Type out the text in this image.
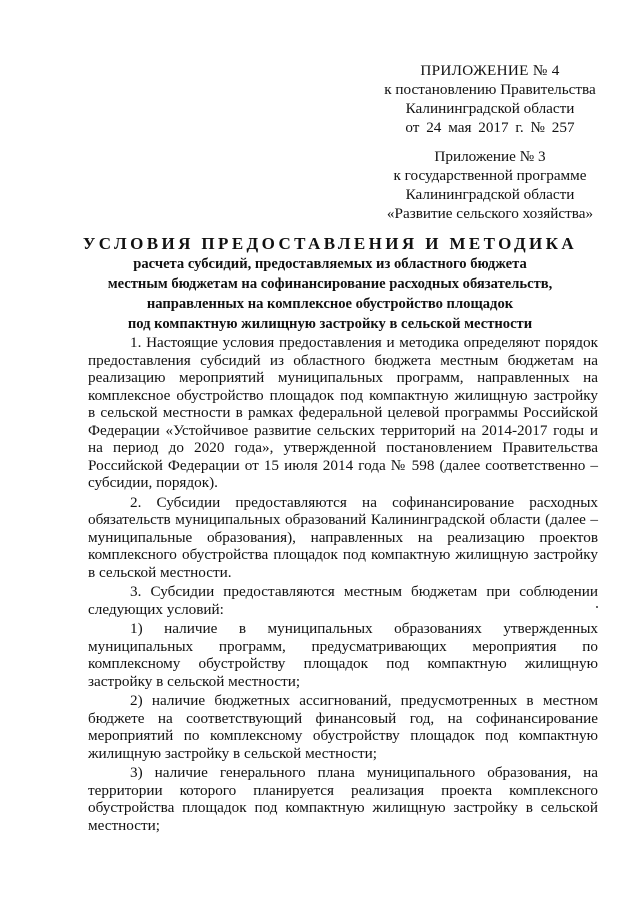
ПРИЛОЖЕНИЕ № 4
к постановлению Правительства
Калининградской области
от 24 мая 2017 г. № 257
Приложение № 3
к государственной программе
Калининградской области
«Развитие сельского хозяйства»
УСЛОВИЯ ПРЕДОСТАВЛЕНИЯ И МЕТОДИКА
расчета субсидий, предоставляемых из областного бюджета
местным бюджетам на софинансирование расходных обязательств,
направленных на комплексное обустройство площадок
под компактную жилищную застройку в сельской местности
1. Настоящие условия предоставления и методика определяют порядок
предоставления субсидий из областного бюджета местным бюджетам на
реализацию мероприятий муниципальных программ, направленных на
комплексное обустройство площадок под компактную жилищную застройку
в сельской местности в рамках федеральной целевой программы Российской
Федерации «Устойчивое развитие сельских территорий на 2014-2017 годы и
на период до 2020 года», утвержденной постановлением Правительства
Российской Федерации от 15 июля 2014 года № 598 (далее соответственно –
субсидии, порядок).
2. Субсидии предоставляются на софинансирование расходных
обязательств муниципальных образований Калининградской области (далее –
муниципальные образования), направленных на реализацию проектов
комплексного обустройства площадок под компактную жилищную застройку
в сельской местности.
3. Субсидии предоставляются местным бюджетам при соблюдении
следующих условий:
1) наличие в муниципальных образованиях утвержденных
муниципальных программ, предусматривающих мероприятия по
комплексному обустройству площадок под компактную жилищную
застройку в сельской местности;
2) наличие бюджетных ассигнований, предусмотренных в местном
бюджете на соответствующий финансовый год, на софинансирование
мероприятий по комплексному обустройству площадок под компактную
жилищную застройку в сельской местности;
3) наличие генерального плана муниципального образования, на
территории которого планируется реализация проекта комплексного
обустройства площадок под компактную жилищную застройку в сельской
местности;
